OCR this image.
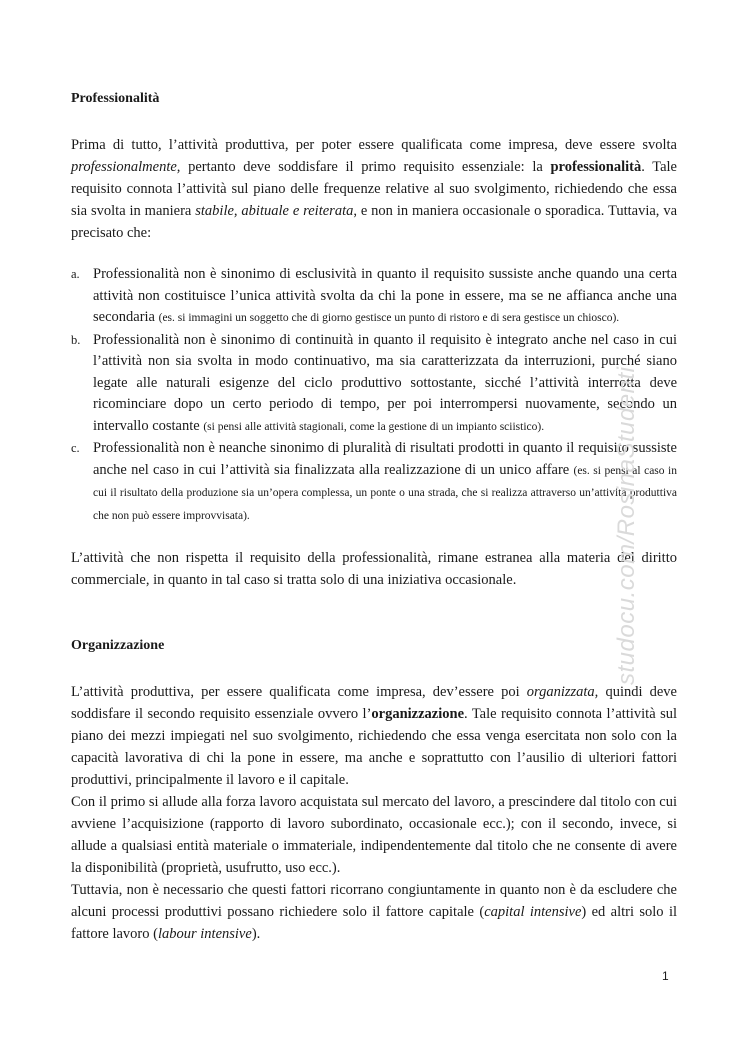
Professionalità

Prima di tutto, l’attività produttiva, per poter essere qualificata come impresa, deve essere svolta professionalmente, pertanto deve soddisfare il primo requisito essenziale: la professionalità. Tale requisito connota l’attività sul piano delle frequenze relative al suo svolgimento, richiedendo che essa sia svolta in maniera stabile, abituale e reiterata, e non in maniera occasionale o sporadica. Tuttavia, va precisato che:

a. Professionalità non è sinonimo di esclusività in quanto il requisito sussiste anche quando una certa attività non costituisce l’unica attività svolta da chi la pone in essere, ma se ne affianca anche una secondaria (es. si immagini un soggetto che di giorno gestisce un punto di ristoro e di sera gestisce un chiosco).
b. Professionalità non è sinonimo di continuità in quanto il requisito è integrato anche nel caso in cui l’attività non sia svolta in modo continuativo, ma sia caratterizzata da interruzioni, purché siano legate alle naturali esigenze del ciclo produttivo sottostante, sicché l’attività interrotta deve ricominciare dopo un certo periodo di tempo, per poi interrompersi nuovamente, secondo un intervallo costante (si pensi alle attività stagionali, come la gestione di un impianto sciistico).
c. Professionalità non è neanche sinonimo di pluralità di risultati prodotti in quanto il requisito sussiste anche nel caso in cui l’attività sia finalizzata alla realizzazione di un unico affare (es. si pensi al caso in cui il risultato della produzione sia un’opera complessa, un ponte o una strada, che si realizza attraverso un’attività produttiva che non può essere improvvisata).

L’attività che non rispetta il requisito della professionalità, rimane estranea alla materia del diritto commerciale, in quanto in tal caso si tratta solo di una iniziativa occasionale.

Organizzazione

L’attività produttiva, per essere qualificata come impresa, dev’essere poi organizzata, quindi deve soddisfare il secondo requisito essenziale ovvero l’organizzazione. Tale requisito connota l’attività sul piano dei mezzi impiegati nel suo svolgimento, richiedendo che essa venga esercitata non solo con la capacità lavorativa di chi la pone in essere, ma anche e soprattutto con l’ausilio di ulteriori fattori produttivi, principalmente il lavoro e il capitale.

Con il primo si allude alla forza lavoro acquistata sul mercato del lavoro, a prescindere dal titolo con cui avviene l’acquisizione (rapporto di lavoro subordinato, occasionale ecc.); con il secondo, invece, si allude a qualsiasi entità materiale o immateriale, indipendentemente dal titolo che ne consente di avere la disponibilità (proprietà, usufrutto, uso ecc.).

Tuttavia, non è necessario che questi fattori ricorrano congiuntamente in quanto non è da escludere che alcuni processi produttivi possano richiedere solo il fattore capitale (capital intensive) ed altri solo il fattore lavoro (labour intensive).

studocu.com/RosinaStudenti
1
